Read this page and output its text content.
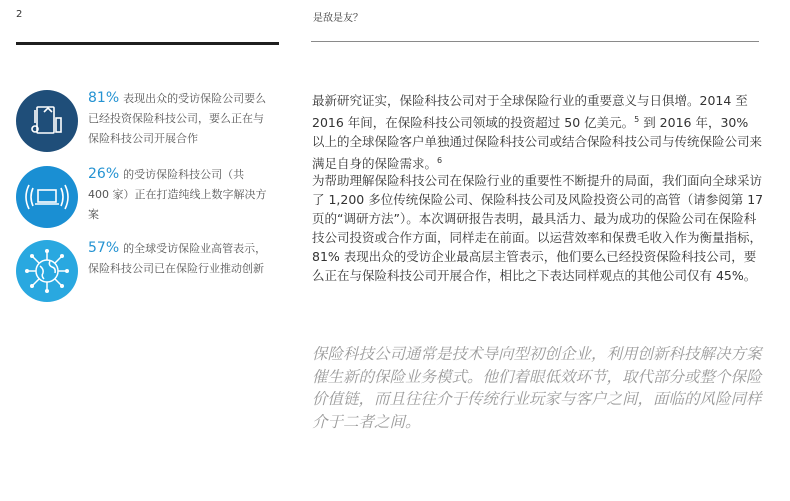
2	是敌是友？
81% 表现出众的受访保险公司要么已经投资保险科技公司，要么正在与保险科技公司开展合作
26% 的受访保险科技公司（共 400 家）正在打造纯线上数字解决方案
57% 的全球受访保险业高管表示，保险科技公司已在保险行业推动创新
最新研究证实，保险科技公司对于全球保险行业的重要意义与日俱增。2014 至 2016 年间，在保险科技公司领域的投资超过 50 亿美元。$^5$ 到 2016 年，30% 以上的全球保险客户单独通过保险科技公司或结合保险科技公司与传统保险公司来满足自身的保险需求。$^6$
为帮助理解保险科技公司在保险行业的重要性不断提升的局面，我们面向全球采访了 1,200 多位传统保险公司、保险科技公司及风险投资公司的高管（请参阅第 17 页的“调研方法”）。本次调研报告表明，最具活力、最为成功的保险公司在保险科技公司投资或合作方面，同样走在前面。以运营效率和保费毛收入作为衡量指标，81% 表现出众的受访企业最高层主管表示，他们要么已经投资保险科技公司，要么正在与保险科技公司开展合作，相比之下表达同样观点的其他公司仅有 45%。
保险科技公司通常是技术导向型初创企业，利用创新科技解决方案催生新的保险业务模式。他们着眼低效环节，取代部分或整个保险价值链，而且往往介于传统行业玩家与客户之间，面临的风险同样介于二者之间。
